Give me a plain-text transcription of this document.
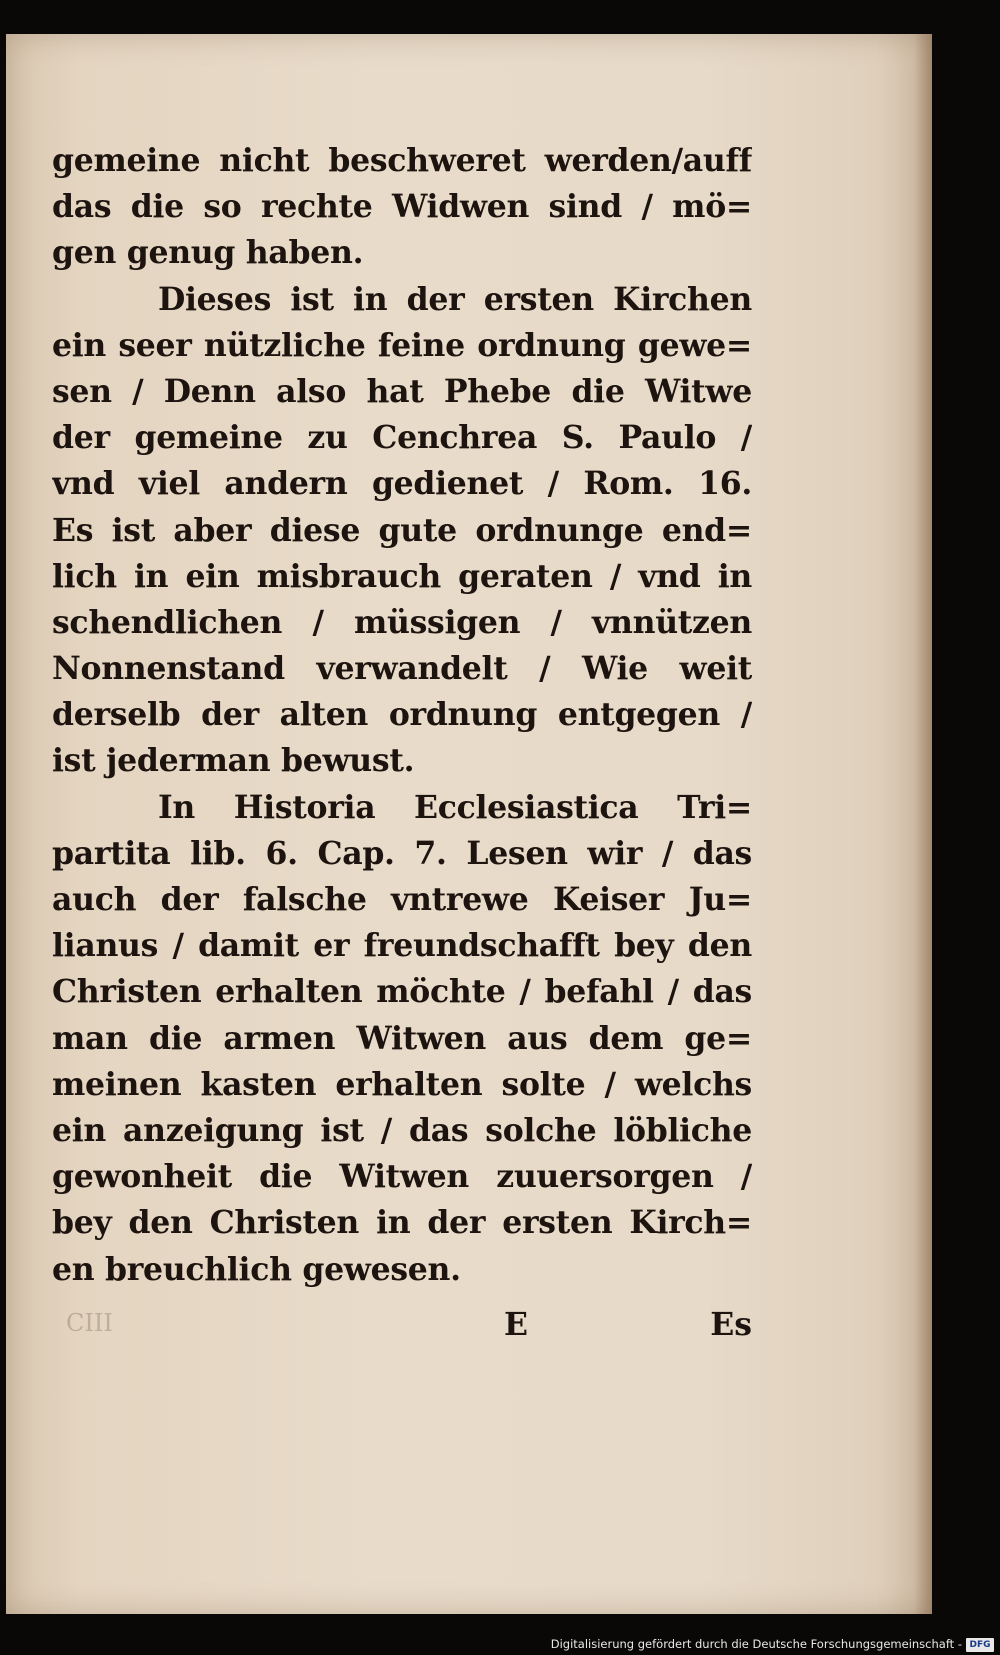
gemeine nicht beschweret werden/auff
das die so rechte Widwen sind / mö=
gen genug haben.
Dieses ist in der ersten Kirchen
ein seer nützliche feine ordnung gewe=
sen / Denn also hat Phebe die Witwe
der gemeine zu Cenchrea S. Paulo /
vnd viel andern gedienet / Rom. 16.
Es ist aber diese gute ordnunge end=
lich in ein misbrauch geraten / vnd in
schendlichen / müssigen / vnnützen
Nonnenstand verwandelt / Wie weit
derselb der alten ordnung entgegen /
ist jederman bewust.
In Historia Ecclesiastica Tri=
partita lib. 6. Cap. 7. Lesen wir / das
auch der falsche vntrewe Keiser Ju=
lianus / damit er freundschafft bey den
Christen erhalten möchte / befahl / das
man die armen Witwen aus dem ge=
meinen kasten erhalten solte / welchs
ein anzeigung ist / das solche löbliche
gewonheit die Witwen zuuersorgen /
bey den Christen in der ersten Kirch=
en breuchlich gewesen.
CIII	E	Es
Digitalisierung gefördert durch die Deutsche Forschungsgemeinschaft - DFG
